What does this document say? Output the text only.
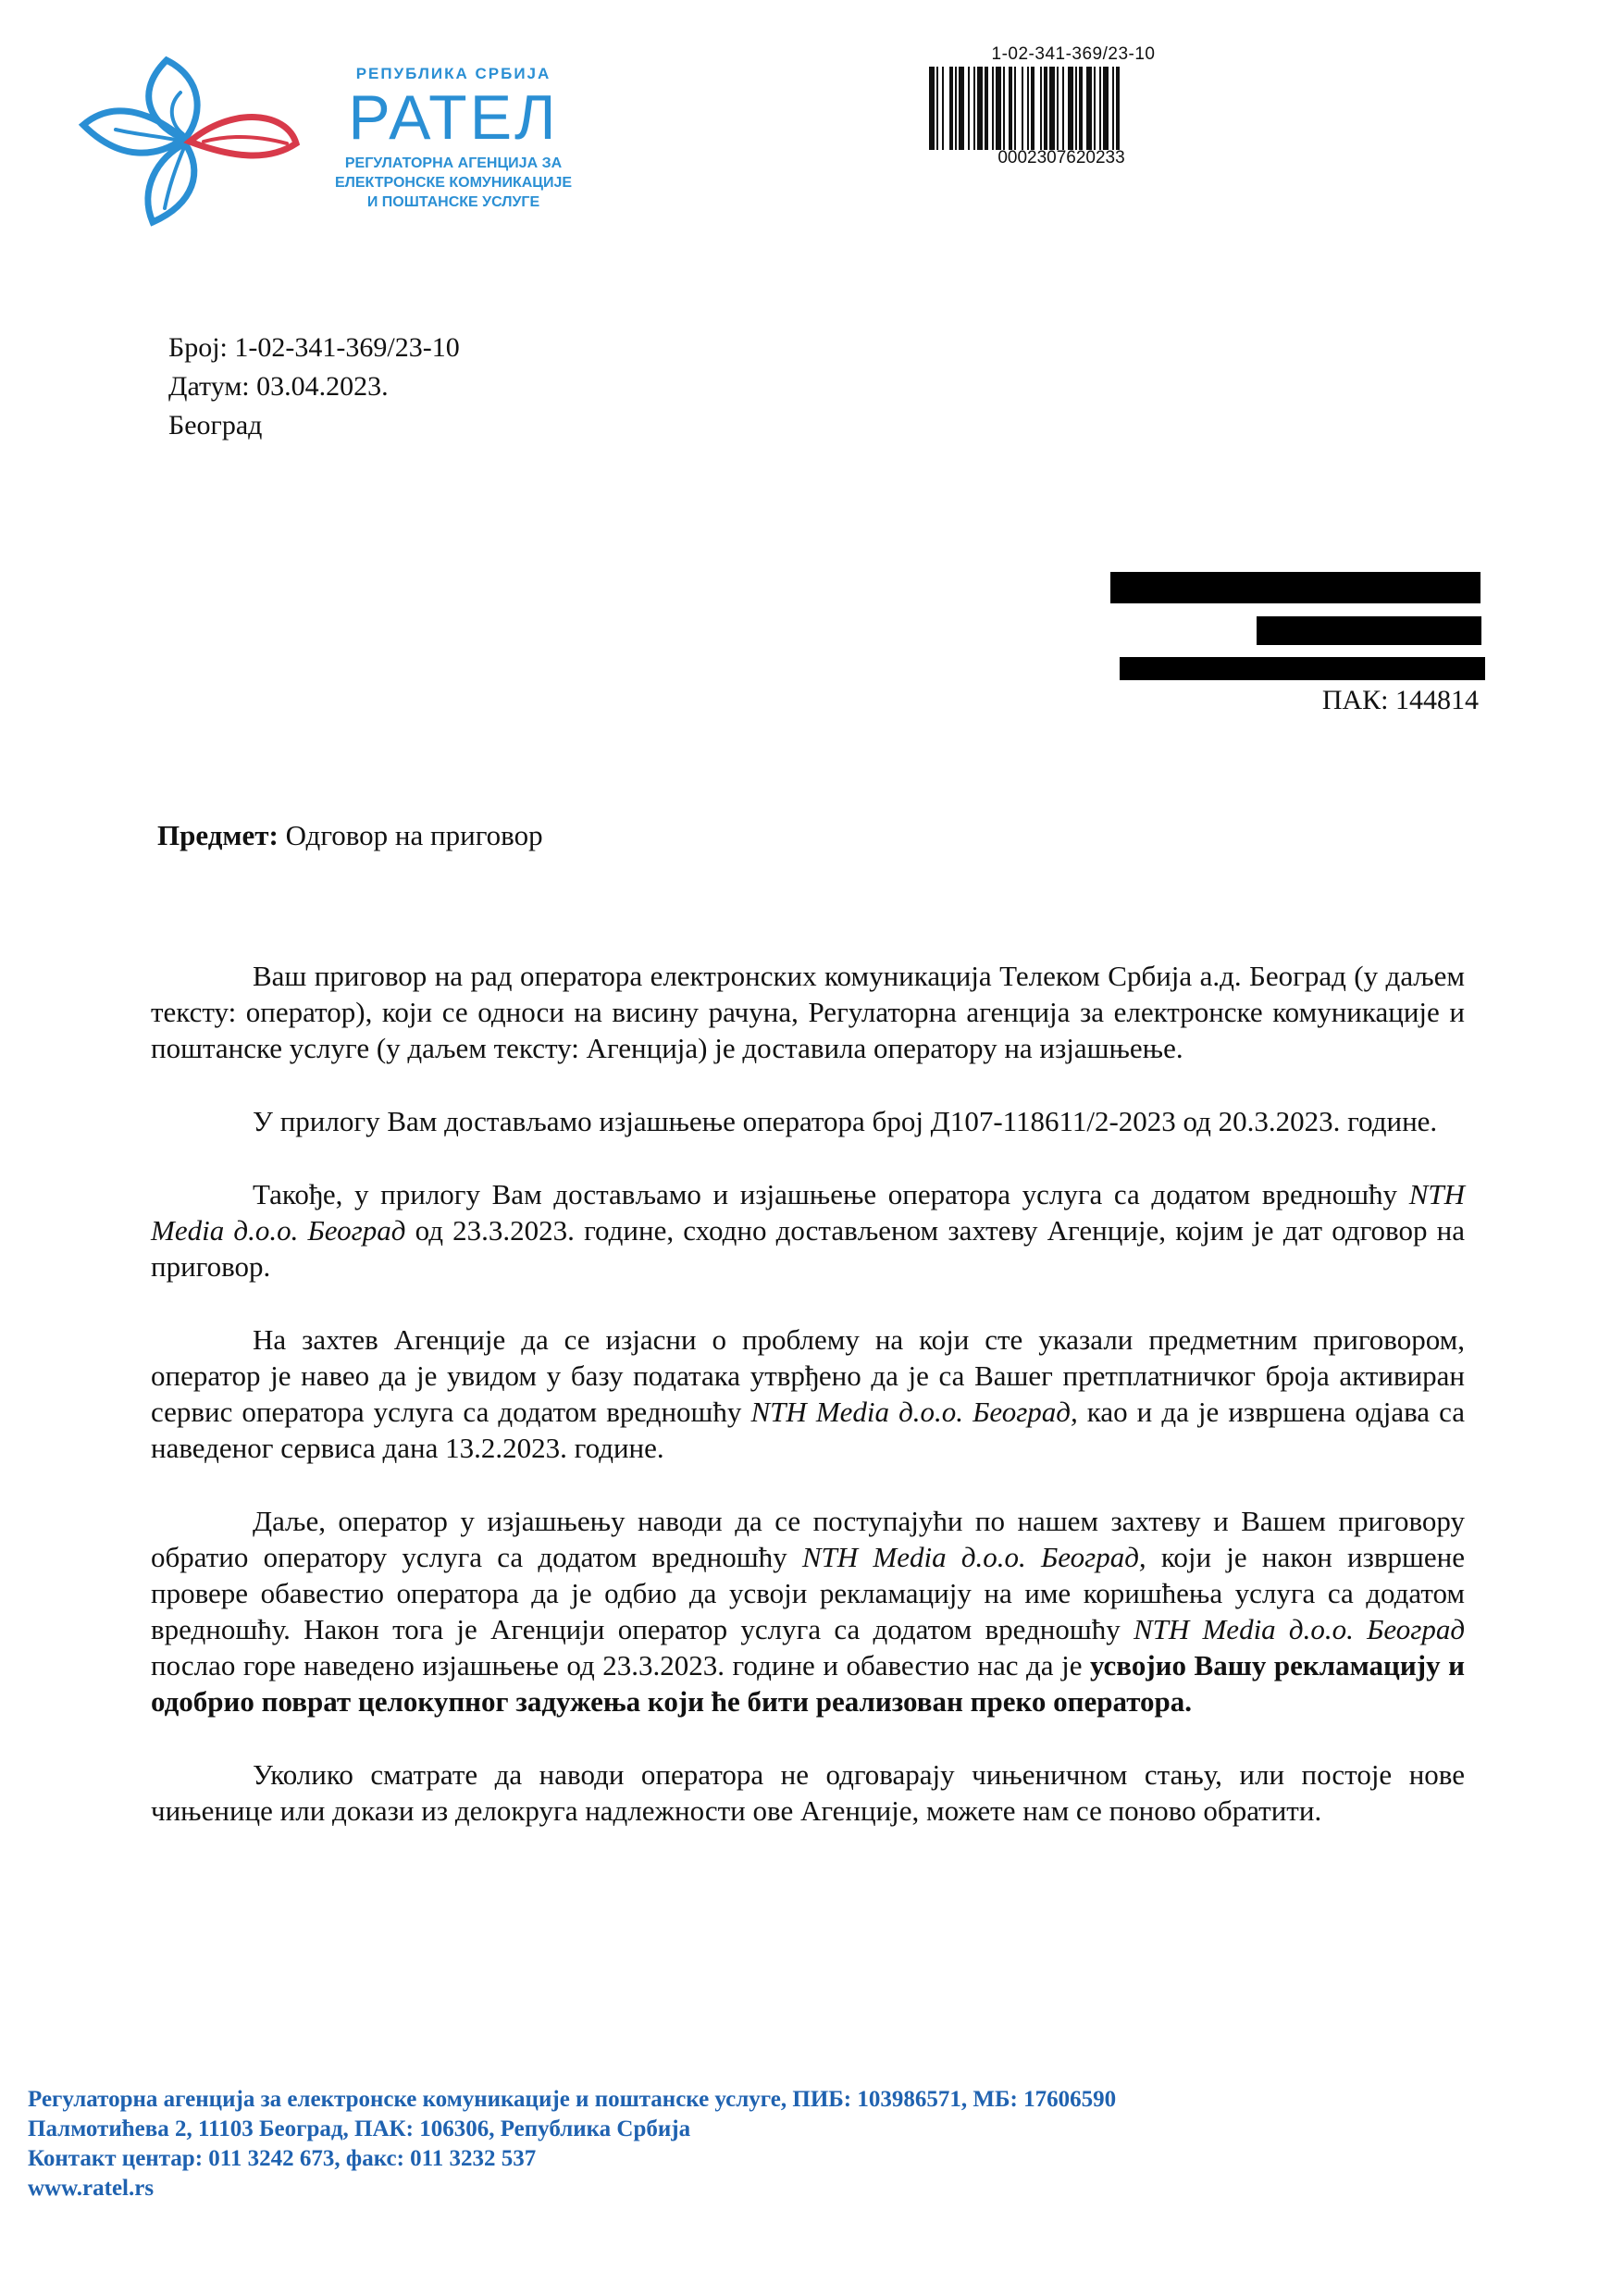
РЕПУБЛИКА СРБИЈА
РАТЕЛ
РЕГУЛАТОРНА АГЕНЦИЈА ЗА
ЕЛЕКТРОНСКЕ КОМУНИКАЦИЈЕ
И ПОШТАНСКЕ УСЛУГЕ
1-02-341-369/23-10
0002307620233
Број: 1-02-341-369/23-10
Датум: 03.04.2023.
Београд
ПАК: 144814
Предмет: Одговор на приговор

Ваш приговор на рад оператора електронских комуникација Телеком Србија а.д. Београд (у даљем тексту: оператор), који се односи на висину рачуна, Регулаторна агенција за електронске комуникације и поштанске услуге (у даљем тексту: Агенција) је доставила оператору на изјашњење.

У прилогу Вам достављамо изјашњење оператора број Д107-118611/2-2023 од 20.3.2023. године.

Такође, у прилогу Вам достављамо и изјашњење оператора услуга са додатом вредношћу NTH Media д.о.о. Београд од 23.3.2023. године, сходно достављеном захтеву Агенције, којим је дат одговор на приговор.

На захтев Агенције да се изјасни о проблему на који сте указали предметним приговором, оператор је навео да је увидом у базу података утврђено да је са Вашег претплатничког броја активиран сервис оператора услуга са додатом вредношћу NTH Media д.о.о. Београд, као и да је извршена одјава са наведеног сервиса дана 13.2.2023. године.

Даље, оператор у изјашњењу наводи да се поступајући по нашем захтеву и Вашем приговору обратио оператору услуга са додатом вредношћу NTH Media д.о.о. Београд, који је након извршене провере обавестио оператора да је одбио да усвоји рекламацију на име коришћења услуга са додатом вредношћу. Након тога је Агенцији оператор услуга са додатом вредношћу NTH Media д.о.о. Београд послао горе наведено изјашњење од 23.3.2023. године и обавестио нас да је усвојио Вашу рекламацију и одобрио поврат целокупног задужења који ће бити реализован преко оператора.

Уколико сматрате да наводи оператора не одговарају чињеничном стању, или постоје нове чињенице или докази из делокруга надлежности ове Агенције, можете нам се поново обратити.

Регулаторна агенција за електронске комуникације и поштанске услуге, ПИБ: 103986571, МБ: 17606590
Палмотићева 2, 11103 Београд, ПАК: 106306, Република Србија
Контакт центар: 011 3242 673, факс: 011 3232 537
www.ratel.rs
